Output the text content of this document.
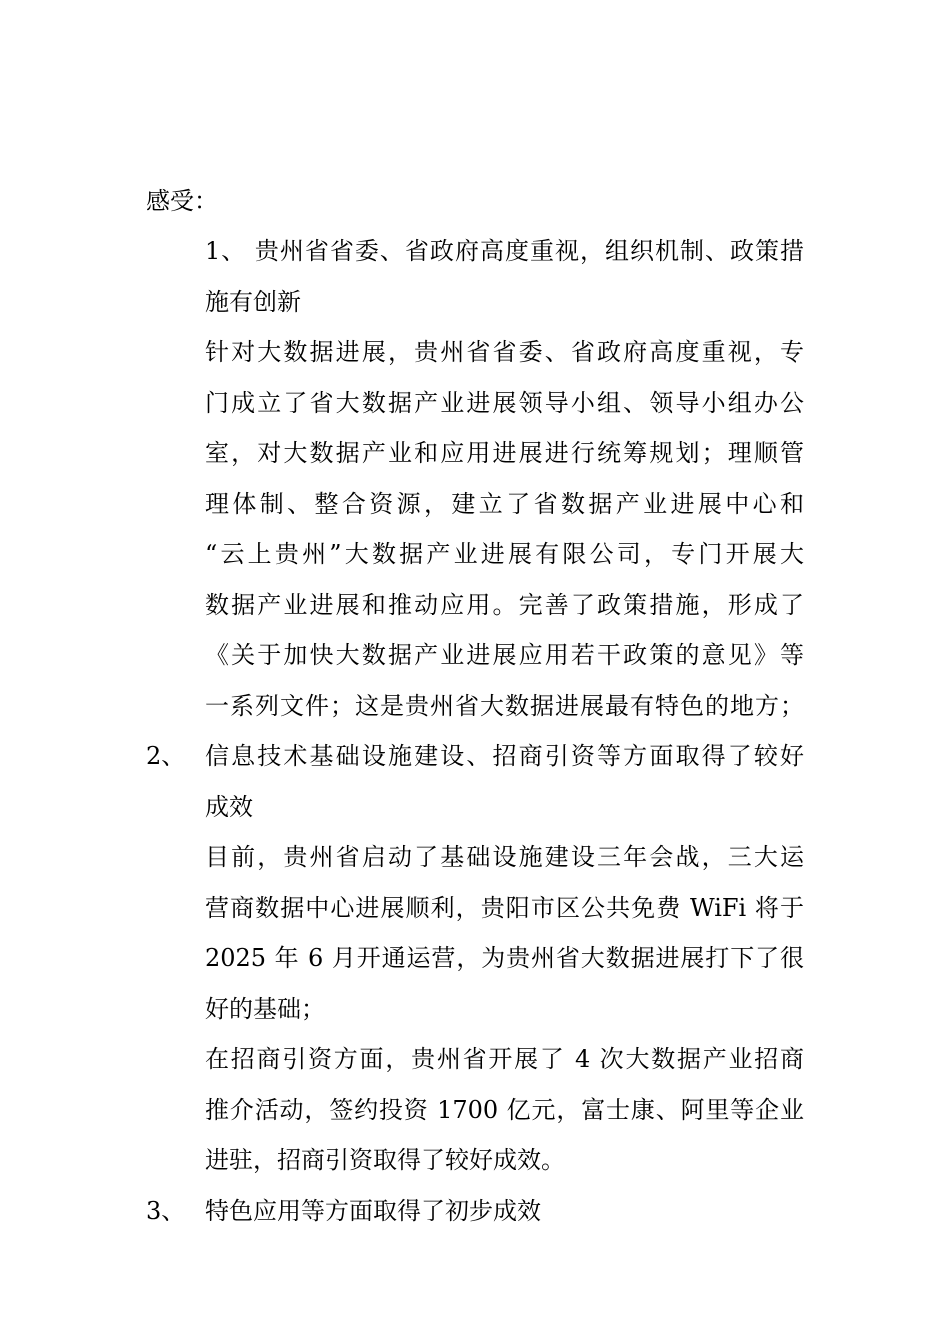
感受：
1、 贵州省省委、省政府高度重视，组织机制、政策措
施有创新
针对大数据进展，贵州省省委、省政府高度重视，专
门成立了省大数据产业进展领导小组、领导小组办公
室，对大数据产业和应用进展进行统筹规划；理顺管
理体制、整合资源，建立了省数据产业进展中心和
“云上贵州”大数据产业进展有限公司，专门开展大
数据产业进展和推动应用。完善了政策措施，形成了
《关于加快大数据产业进展应用若干政策的意见》等
一系列文件；这是贵州省大数据进展最有特色的地方；
2、 信息技术基础设施建设、招商引资等方面取得了较好
成效
目前，贵州省启动了基础设施建设三年会战，三大运
营商数据中心进展顺利，贵阳市区公共免费 WiFi 将于
2025 年 6 月开通运营，为贵州省大数据进展打下了很
好的基础；
在招商引资方面，贵州省开展了 4 次大数据产业招商
推介活动，签约投资 1700 亿元，富士康、阿里等企业
进驻，招商引资取得了较好成效。
3、 特色应用等方面取得了初步成效
